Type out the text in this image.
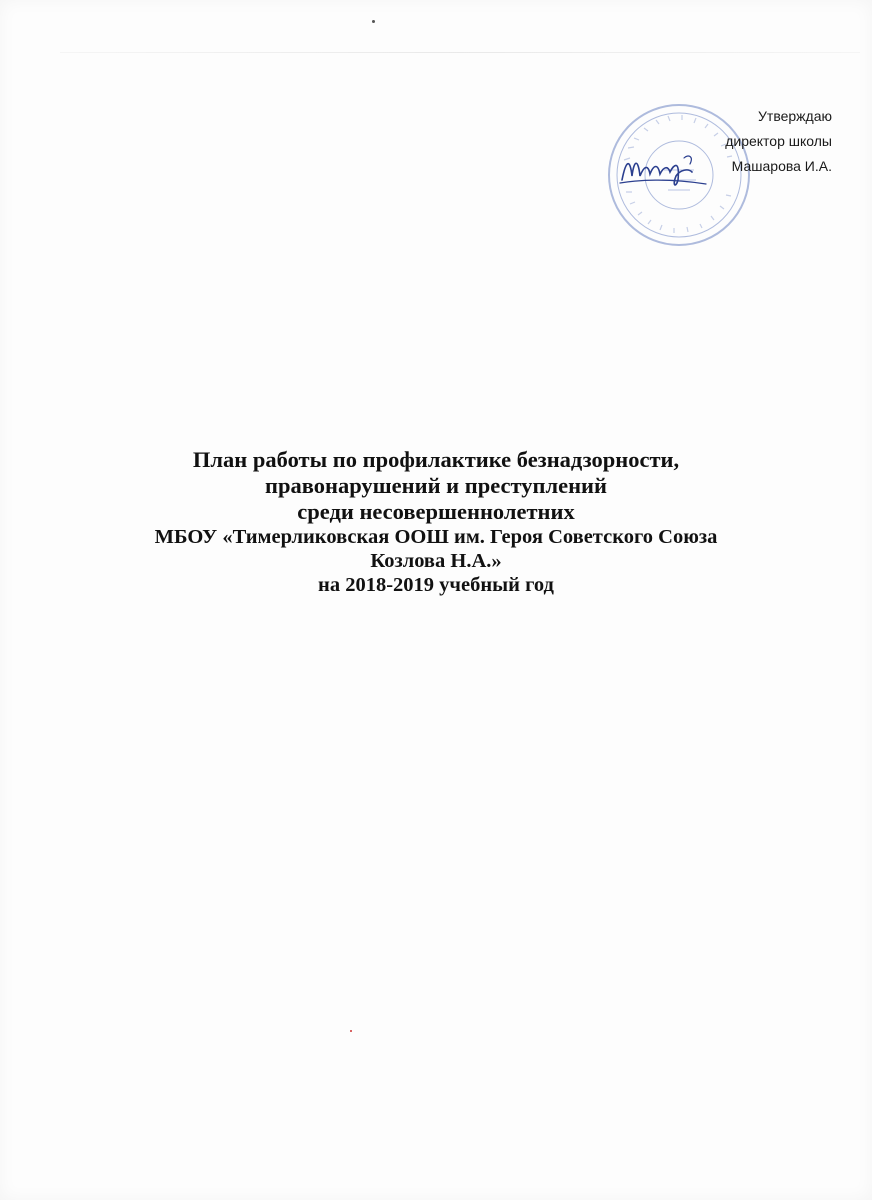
Утверждаю
директор школы
Машарова И.А.
План работы по профилактике безнадзорности,
правонарушений и преступлений
среди несовершеннолетних
МБОУ «Тимерликовская ООШ им. Героя Советского Союза
Козлова Н.А.»
на 2018-2019 учебный год
